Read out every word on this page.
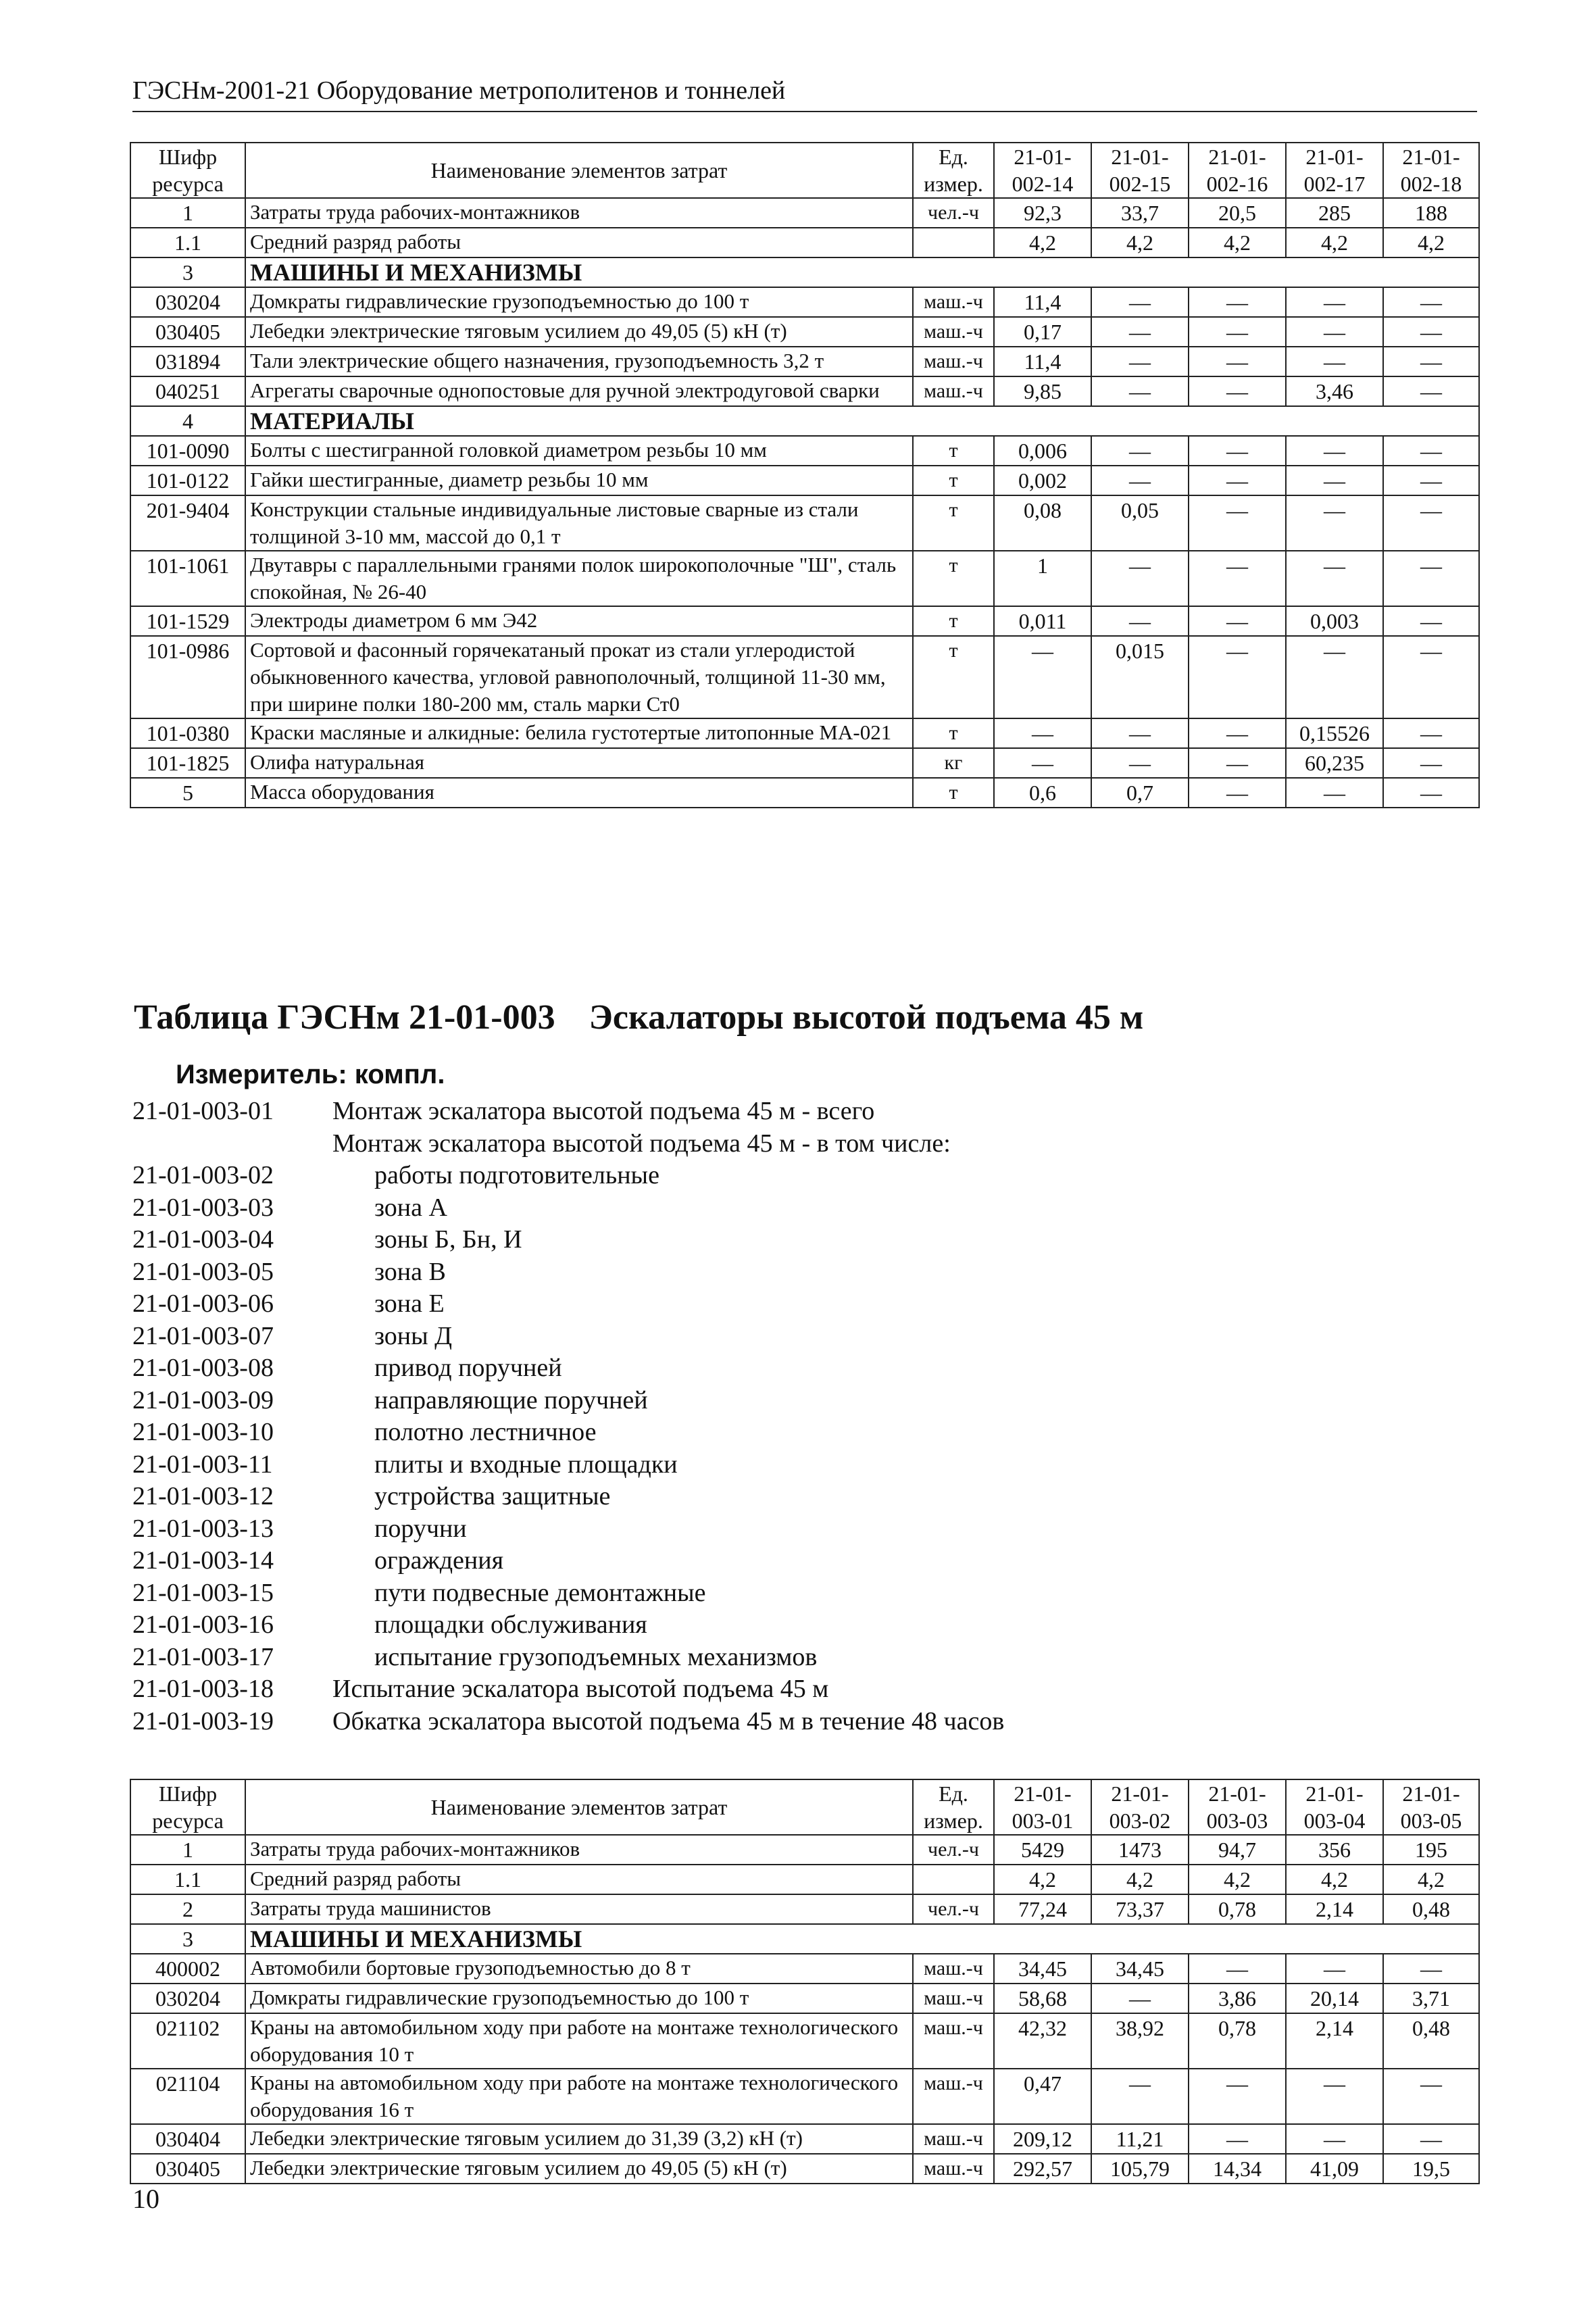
ГЭСНм-2001-21 Оборудование метрополитенов и тоннелей
Шифр ресурса	Наименование элементов затрат	Ед. измер.	21-01-002-14	21-01-002-15	21-01-002-16	21-01-002-17	21-01-002-18
1	Затраты труда рабочих-монтажников	чел.-ч	92,3	33,7	20,5	285	188
1.1	Средний разряд работы		4,2	4,2	4,2	4,2	4,2
3	МАШИНЫ И МЕХАНИЗМЫ						
030204	Домкраты гидравлические грузоподъемностью до 100 т	маш.-ч	11,4	—	—	—	—
030405	Лебедки электрические тяговым усилием до 49,05 (5) кН (т)	маш.-ч	0,17	—	—	—	—
031894	Тали электрические общего назначения, грузоподъемность 3,2 т	маш.-ч	11,4	—	—	—	—
040251	Агрегаты сварочные однопостовые для ручной электродуговой сварки	маш.-ч	9,85	—	—	3,46	—
4	МАТЕРИАЛЫ						
101-0090	Болты с шестигранной головкой диаметром резьбы 10 мм	т	0,006	—	—	—	—
101-0122	Гайки шестигранные, диаметр резьбы 10 мм	т	0,002	—	—	—	—
201-9404	Конструкции стальные индивидуальные листовые сварные из стали толщиной 3-10 мм, массой до 0,1 т	т	0,08	0,05	—	—	—
101-1061	Двутавры с параллельными гранями полок широкополочные "Ш", сталь спокойная, № 26-40	т	1	—	—	—	—
101-1529	Электроды диаметром 6 мм Э42	т	0,011	—	—	0,003	—
101-0986	Сортовой и фасонный горячекатаный прокат из стали углеродистой обыкновенного качества, угловой равнополочный, толщиной 11-30 мм, при ширине полки 180-200 мм, сталь марки Ст0	т	—	0,015	—	—	—
101-0380	Краски масляные и алкидные: белила густотертые литопонные МА-021	т	—	—	—	0,15526	—
101-1825	Олифа натуральная	кг	—	—	—	60,235	—
5	Масса оборудования	т	0,6	0,7	—	—	—
Таблица ГЭСНм 21-01-003 Эскалаторы высотой подъема 45 м
Измеритель: компл.
21-01-003-01 Монтаж эскалатора высотой подъема 45 м - всего
Монтаж эскалатора высотой подъема 45 м - в том числе:
21-01-003-02	работы подготовительные
21-01-003-03	зона А
21-01-003-04	зоны Б, Бн, И
21-01-003-05	зона В
21-01-003-06	зона Е
21-01-003-07	зоны Д
21-01-003-08	привод поручней
21-01-003-09	направляющие поручней
21-01-003-10	полотно лестничное
21-01-003-11	плиты и входные площадки
21-01-003-12	устройства защитные
21-01-003-13	поручни
21-01-003-14	ограждения
21-01-003-15	пути подвесные демонтажные
21-01-003-16	площадки обслуживания
21-01-003-17	испытание грузоподъемных механизмов
21-01-003-18 Испытание эскалатора высотой подъема 45 м
21-01-003-19 Обкатка эскалатора высотой подъема 45 м в течение 48 часов
Шифр ресурса	Наименование элементов затрат	Ед. измер.	21-01-003-01	21-01-003-02	21-01-003-03	21-01-003-04	21-01-003-05
1	Затраты труда рабочих-монтажников	чел.-ч	5429	1473	94,7	356	195
1.1	Средний разряд работы		4,2	4,2	4,2	4,2	4,2
2	Затраты труда машинистов	чел.-ч	77,24	73,37	0,78	2,14	0,48
3	МАШИНЫ И МЕХАНИЗМЫ						
400002	Автомобили бортовые грузоподъемностью до 8 т	маш.-ч	34,45	34,45	—	—	—
030204	Домкраты гидравлические грузоподъемностью до 100 т	маш.-ч	58,68	—	3,86	20,14	3,71
021102	Краны на автомобильном ходу при работе на монтаже технологического оборудования 10 т	маш.-ч	42,32	38,92	0,78	2,14	0,48
021104	Краны на автомобильном ходу при работе на монтаже технологического оборудования 16 т	маш.-ч	0,47	—	—	—	—
030404	Лебедки электрические тяговым усилием до 31,39 (3,2) кН (т)	маш.-ч	209,12	11,21	—	—	—
030405	Лебедки электрические тяговым усилием до 49,05 (5) кН (т)	маш.-ч	292,57	105,79	14,34	41,09	19,5
10
